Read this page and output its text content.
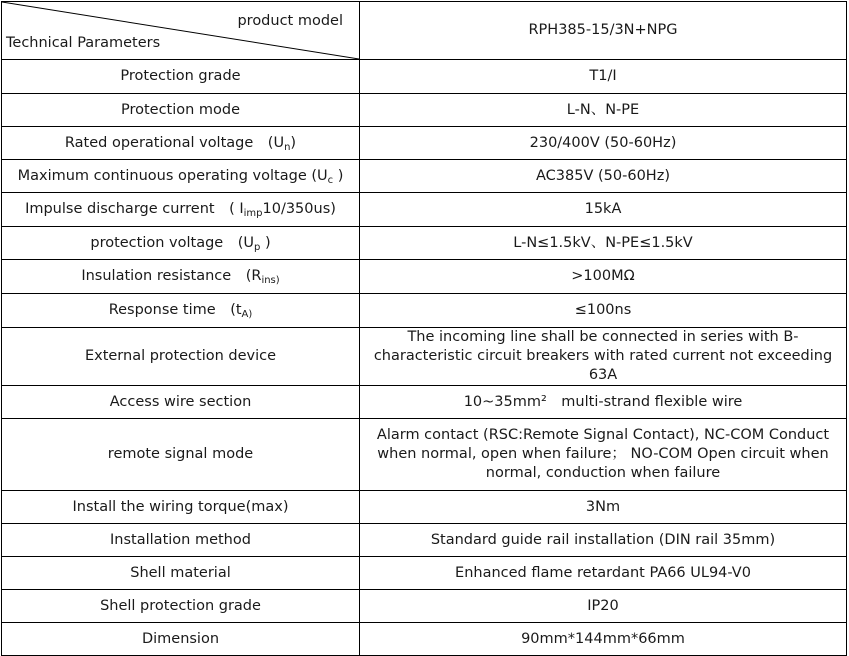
product model
Technical Parameters	RPH385-15/3N+NPG
Protection grade	T1/I
Protection mode	L-N、N-PE
Rated operational voltage　$(U_n)$	230/400V (50-60Hz)
Maximum continuous operating voltage ($U_c$ )	AC385V (50-60Hz)
Impulse discharge current　( $I_{imp}10/350us$)	15kA
protection voltage　($U_p$ )	L-N≤1.5kV、N-PE≤1.5kV
Insulation resistance　($R_{ins)}$	>100MΩ
Response time　($t_{A)}$	≤100ns
External protection device	The incoming line shall be connected in series with B-characteristic circuit breakers with rated current not exceeding 63A
Access wire section	10~35mm²　multi-strand flexible wire
remote signal mode	Alarm contact (RSC:Remote Signal Contact), NC-COM Conduct when normal, open when failure； NO-COM Open circuit when normal, conduction when failure
Install the wiring torque(max)	3Nm
Installation method	Standard guide rail installation (DIN rail 35mm)
Shell material	Enhanced flame retardant PA66 UL94-V0
Shell protection grade	IP20
Dimension	90mm*144mm*66mm
